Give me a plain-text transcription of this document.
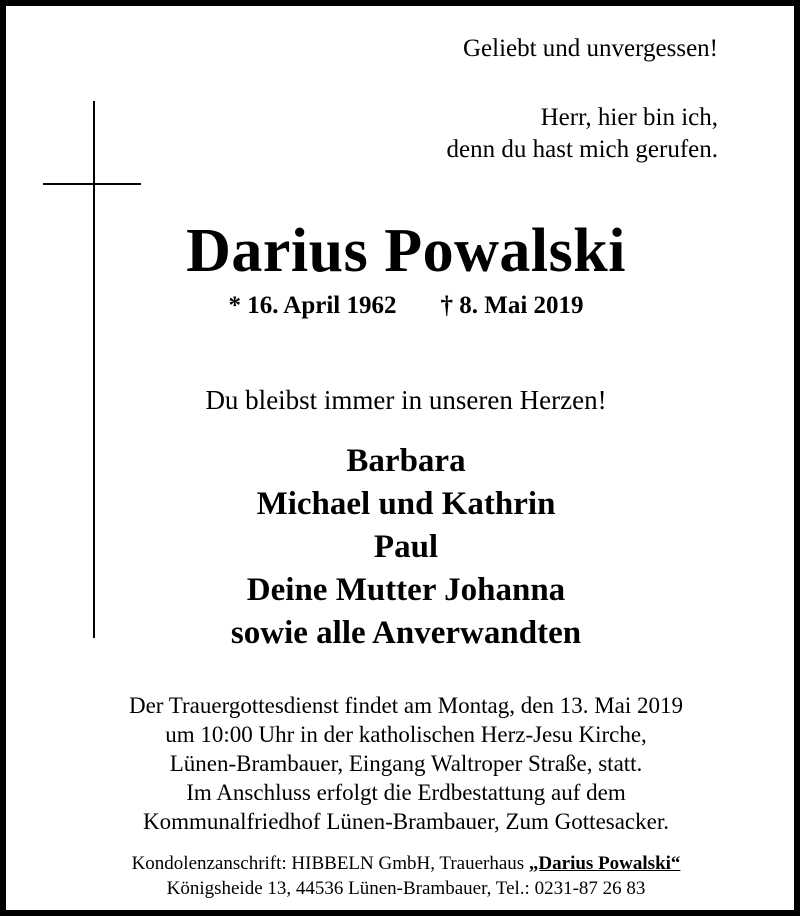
Geliebt und unvergessen!
Herr, hier bin ich,
denn du hast mich gerufen.
Darius Powalski
* 16. April 1962 † 8. Mai 2019
Du bleibst immer in unseren Herzen!
Barbara
Michael und Kathrin
Paul
Deine Mutter Johanna
sowie alle Anverwandten
Der Trauergottesdienst findet am Montag, den 13. Mai 2019
um 10:00 Uhr in der katholischen Herz-Jesu Kirche,
Lünen-Brambauer, Eingang Waltroper Straße, statt.
Im Anschluss erfolgt die Erdbestattung auf dem
Kommunalfriedhof Lünen-Brambauer, Zum Gottesacker.
Kondolenzanschrift: HIBBELN GmbH, Trauerhaus „Darius Powalski“
Königsheide 13, 44536 Lünen-Brambauer, Tel.: 0231-87 26 83
